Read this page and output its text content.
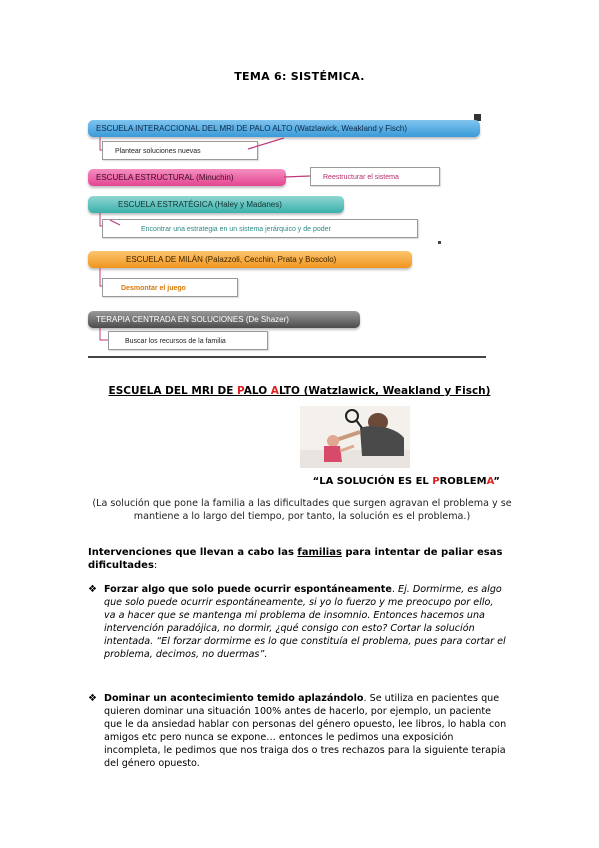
TEMA 6: SISTÉMICA.
ESCUELA INTERACCIONAL DEL MRI DE PALO ALTO (Watzlawick, Weakland y Fisch)
Plantear soluciones nuevas
ESCUELA ESTRUCTURAL (Minuchin)	Reestructurar el sistema
ESCUELA ESTRATÉGICA (Haley y Madanes)
Encontrar una estrategia en un sistema jerárquico y de poder
ESCUELA DE MILÁN (Palazzoli, Cecchin, Prata y Boscolo)
Desmontar el juego
TERAPIA CENTRADA EN SOLUCIONES (De Shazer)
Buscar los recursos de la familia
ESCUELA DEL MRI DE PALO ALTO (Watzlawick, Weakland y Fisch)
“LA SOLUCIÓN ES EL PROBLEMA”
(La solución que pone la familia a las dificultades que surgen agravan el problema y se mantiene a lo largo del tiempo, por tanto, la solución es el problema.)
Intervenciones que llevan a cabo las familias para intentar de paliar esas dificultades:
❖ Forzar algo que solo puede ocurrir espontáneamente. Ej. Dormirme, es algo que solo puede ocurrir espontáneamente, si yo lo fuerzo y me preocupo por ello, va a hacer que se mantenga mi problema de insomnio. Entonces hacemos una intervención paradójica, no dormir, ¿qué consigo con esto? Cortar la solución intentada. “El forzar dormirme es lo que constituía el problema, pues para cortar el problema, decimos, no duermas”.
❖ Dominar un acontecimiento temido aplazándolo. Se utiliza en pacientes que quieren dominar una situación 100% antes de hacerlo, por ejemplo, un paciente que le da ansiedad hablar con personas del género opuesto, lee libros, lo habla con amigos etc pero nunca se expone… entonces le pedimos una exposición incompleta, le pedimos que nos traiga dos o tres rechazos para la siguiente terapia del género opuesto.
